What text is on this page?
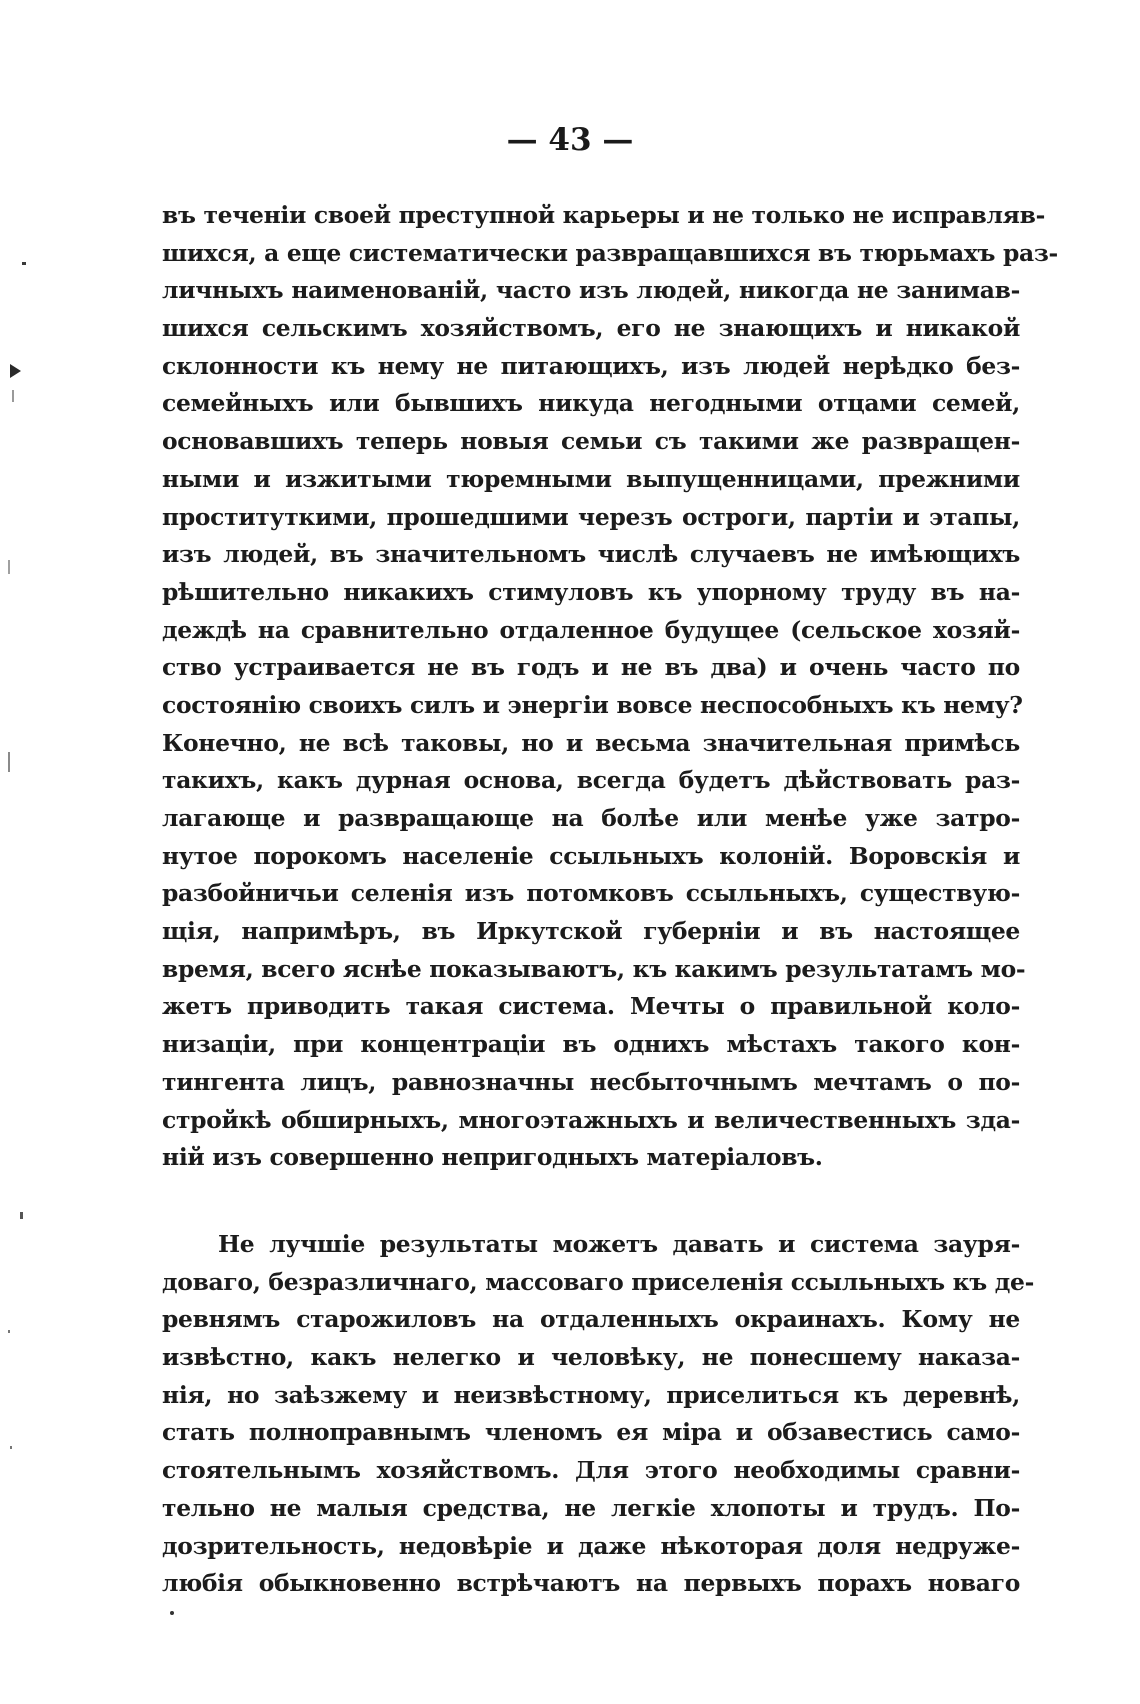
— 43 —
въ теченіи своей преступной карьеры и не только не исправляв-
шихся, а еще систематически развращавшихся въ тюрьмахъ раз-
личныхъ наименованій, часто изъ людей, никогда не занимав-
шихся сельскимъ хозяйствомъ, его не знающихъ и никакой
склонности къ нему не питающихъ, изъ людей нерѣдко без-
семейныхъ или бывшихъ никуда негодными отцами семей,
основавшихъ теперь новыя семьи съ такими же развращен-
ными и изжитыми тюремными выпущенницами, прежними
проституткими, прошедшими черезъ остроги, партіи и этапы,
изъ людей, въ значительномъ числѣ случаевъ не имѣющихъ
рѣшительно никакихъ стимуловъ къ упорному труду въ на-
деждѣ на сравнительно отдаленное будущее (сельское хозяй-
ство устраивается не въ годъ и не въ два) и очень часто по
состоянію своихъ силъ и энергіи вовсе неспособныхъ къ нему?
Конечно, не всѣ таковы, но и весьма значительная примѣсь
такихъ, какъ дурная основа, всегда будетъ дѣйствовать раз-
лагающе и развращающе на болѣе или менѣе уже затро-
нутое порокомъ населеніе ссыльныхъ колоній. Воровскія и
разбойничьи селенія изъ потомковъ ссыльныхъ, существую-
щія, напримѣръ, въ Иркутской губерніи и въ настоящее
время, всего яснѣе показываютъ, къ какимъ результатамъ мо-
жетъ приводить такая система. Мечты о правильной коло-
низаціи, при концентраціи въ однихъ мѣстахъ такого кон-
тингента лицъ, равнозначны несбыточнымъ мечтамъ о по-
стройкѣ обширныхъ, многоэтажныхъ и величественныхъ зда-
ній изъ совершенно непригодныхъ матеріаловъ.
Не лучшіе результаты можетъ давать и система зауря-
доваго, безразличнаго, массоваго приселенія ссыльныхъ къ де-
ревнямъ старожиловъ на отдаленныхъ окраинахъ. Кому не
извѣстно, какъ нелегко и человѣку, не понесшему наказа-
нія, но заѣзжему и неизвѣстному, приселиться къ деревнѣ,
стать полноправнымъ членомъ ея міра и обзавестись само-
стоятельнымъ хозяйствомъ. Для этого необходимы сравни-
тельно не малыя средства, не легкіе хлопоты и трудъ. По-
дозрительность, недовѣріе и даже нѣкоторая доля недруже-
любія обыкновенно встрѣчаютъ на первыхъ порахъ новаго
